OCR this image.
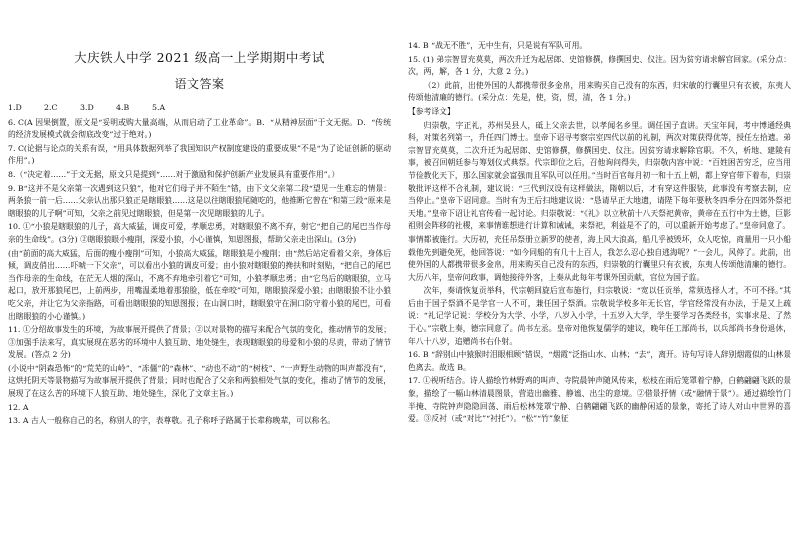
大庆铁人中学 2021 级高一上学期期中考试
语文答案
1.D	2.C	3.D	4.B	5.A

6. C(A 因果倒置，原文是“妥明或购大量高端，从而启动了工业革命”。B．“从精神层面”于文无据。D．“传统的经济发展模式就会彻底改变”过于绝对。)

7. C(论据与论点的关系有误，“用具体数据列举了我国知识产权制度建设的重要成果”不是“为了论证创新的驱动作用”。)

8.（“决定着……”于文无据，原文只是提到“……对于激励和保护创新产业发展具有重要作用”。）

9. B“这并不是父亲第一次遇到这只狼”，他对它们母子并不陌生”错，由下文父亲第二段“望见一生难忘的情景：两条狼一前一后……父亲认出那只狼正是瞎眼狼……这是以往瞎眼狼尾随吃的，他推断它曾在”和第三段“原来是瞎眼狼的儿子啊”可知，父亲之前见过瞎眼狼，但是第一次见瞎眼狼的儿子。

10. ①“小狼是瞎眼狼的儿子，高大威猛，调皮可爱，孝顺忠勇，对瞎眼狼不离不弃，射它“把自己的尾巴当作母亲的生命线”。(3分) ②瞎眼狼眼小瘦削，深爱小狼，小心谨慎，知恩图报，帮助父亲走出深山。(3分)

(由“前面的高大威猛，后面的瘦小瘦削”可知，小狼高大威猛，瞎眼狼是小瘦削；由“然后站定看着父亲，身体后倾，调皮俏出……吓唬一下父亲”，可以看出小狼的调皮可爱；由小狼对瞎眼狼的搀扶和时刻贴，“把自己的尾巴当作母亲的生命线，在茫无人烟的深山，不离不弃地牵引着它”可知，小狼孝顺忠勇；由“它鸟后的瞎眼狼，立马起口，放开那狼尾巴，上前两步，用嘴温柔地着那狼脸，低在牵咬”可知，瞎眼狼深爱小狼；由瞎眼狼不让小狼吃父亲，并让它为父亲指路，可看出瞎眼狼的知恩图报；在山洞口时，瞎眼狼守在洞口防守着小狼的尾巴，可看出瞎眼狼的小心谨慎。)

11. ①分绍故事发生的环境，为故事展开提供了背景；②以对景物的描写来配合气氛的变化，推动情节的发展；③加强手法来写，真实展现在恶劣的环境中人狼互助、地处缝生，表现瞎眼狼的母爱和小狼的尽责，带动了情节发展。(答点 2 分)

(小说中“阴森恐怖”的“荒芜的山岭”、“冻僵”的“森林”、“动也不动”的“树枝”、“一声野生动物的叫声都没有”，这烘托阴天等景物描写为故事展开提供了背景；同时也配合了父亲和两狼相处气氛的变化，推动了情节的发展，展现了在这么苦的环境下人狼互助、地处缝生，深化了文章主旨。)

12. A

13. A 古人一般称自己的名，称别人的字，表尊敬。孔子称呼子路属于长辈称晚辈，可以称名。

14. B “战无不胜”，无中生有，只是说有军队可用。

15. (1) 弟宗智冒充莫莫，两次升迁为起居郎、史馆修撰，修撰国史、仪注。因为贫穷请求解官回家。(采分点：次，两，解，各 1 分，大意 2 分。)

（2）此前，出使外国的人都携带很多金帛，用来购买自己没有的东西，归宋敏的行囊里只有衣被，东夷人传颂他清廉的德行。(采分点：先是，使，资，贸，清，各 1 分。)

【参考译文】

归崇敬，字正礼，苏州吴县人，砥上父亲去世，以孝闻名乡里。调任国子直讲。天宝年间，考中博通经典科，对策名列第一，升任四门博士。皇帝下诏寻考察宗室四代以前的礼制，两次对策获得优等，授任左拾遗。弟宗智冒充莫莫，二次升迁为起居郎、史馆修撰，修撰国史、仪注。因贫穷请求解除官职。不久，析地、建陵有事，被召回朝廷参与筹划仪式典祭。代宗即位之后，召他询问得失，归崇敬内容中说：“百姓困苦穷乏，应当用节俭教化天下，那么国家就会富强而且军队可以任用。”当时百官每月初一和十五上朝，都上穿官带下着布，归崇敬批评这样不合礼制，建议说：“三代到汉设有这样做法，隋朝以后，才有穿这件服装，此事没有考察去制，应当停止。”皇帝下诏同意。当时有为王后扫地建议说：“恳请早正大地遗，请陛下每年要秋冬四季分在四郊外祭祀天地。”皇帝下诏让礼官传看一起讨论。归崇敬说：“《礼》以立秋前十八天祭祀黄帝，黄帝在五行中为土德，巨影祖则会阵移的社稷，来事情谁想进行计算和诫诫，来祭祀，利益是不了的，可以重新开始考虑了。”皇帝同意了。

事情都被施行。大历初，充任吊祭册立新罗的使者，海上风大浪高，船几乎被毁坏，众人吃惊，商量用一只小船载他先到避免死，他回答说：“如今同船的有几十上百人，我怎么忍心独自逃海呢？”一会儿，风停了。此前，出使外国的人都携带很多金帛，用来购买自己没有的东西，归崇敬的行囊里只有衣被，东夷人传颂他清廉的德行。大历八年，皇帝问政事，调他接待外客，上奏从此每年考课外国贡献，官位为国子监。

次年，奏请恢复贡举科，代宗朝回旋后宣布施行，归宗敬说：“宽以任贡举，常须选择人才，不可不择。”其后由于国子祭酒不是学官一人不可，兼任国子祭酒。宗敬说学校多年无长官，学官经常没有办法，于是又上疏说：“礼记学记说：学校分为大学、小学，八岁入小学，十五岁入大学，学生要学习各类经书，实事求是、了然于心。”宗敬上奏，德宗同意了。尚书左丞。皇帝对他恢复儒学的建议，晚年任工部尚书，以兵部尚书身份退休，年八十八岁，追赠尚书右仆射。

16. B “辞别山中猿猴时泪眼相顾”错误，“烟霞”泛指山水、山林；“去”，离开。诗句写诗人辞别烟霞似的山林景色离去。故选 B。

17. ①视听结合。诗人描绘竹林野鸡的叫声、寺院晨钟声随风传来，松枝在雨后笼罩着宁静，白鹤翩翩飞跃的景象，描绘了一幅山林清晨图景，营造出幽雅、静谧、出尘的意境。②借景抒情（或“融情于景”）。通过描绘竹门半掩、寺院钟声隐隐回荡、雨后松林笼罩宁静、白鹤翩翩飞跃的幽静闲适的景象，寄托了诗人对山中世界的喜爱。③反衬（或“对比”“衬托”）。“松”“竹”象征
